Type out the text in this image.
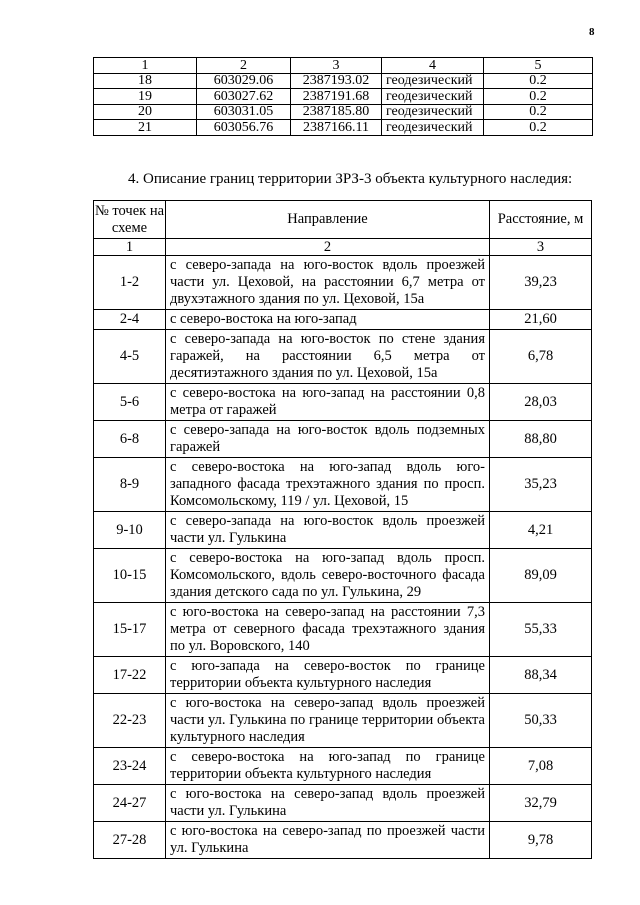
8
1	2	3	4	5
18	603029.06	2387193.02	геодезический	0.2
19	603027.62	2387191.68	геодезический	0.2
20	603031.05	2387185.80	геодезический	0.2
21	603056.76	2387166.11	геодезический	0.2
4. Описание границ территории ЗРЗ-3 объекта культурного наследия:
№ точек на схеме	Направление	Расстояние, м
1	2	3
1-2	с северо-запада на юго-восток вдоль проезжей части ул. Цеховой, на расстоянии 6,7 метра от двухэтажного здания по ул. Цеховой, 15а	39,23
2-4	с северо-востока на юго-запад	21,60
4-5	с северо-запада на юго-восток по стене здания гаражей, на расстоянии 6,5 метра от десятиэтажного здания по ул. Цеховой, 15а	6,78
5-6	с северо-востока на юго-запад на расстоянии 0,8 метра от гаражей	28,03
6-8	с северо-запада на юго-восток вдоль подземных гаражей	88,80
8-9	с северо-востока на юго-запад вдоль юго-западного фасада трехэтажного здания по просп. Комсомольскому, 119 / ул. Цеховой, 15	35,23
9-10	с северо-запада на юго-восток вдоль проезжей части ул. Гулькина	4,21
10-15	с северо-востока на юго-запад вдоль просп. Комсомольского, вдоль северо-восточного фасада здания детского сада по ул. Гулькина, 29	89,09
15-17	с юго-востока на северо-запад на расстоянии 7,3 метра от северного фасада трехэтажного здания по ул. Воровского, 140	55,33
17-22	с юго-запада на северо-восток по границе территории объекта культурного наследия	88,34
22-23	с юго-востока на северо-запад вдоль проезжей части ул. Гулькина по границе территории объекта культурного наследия	50,33
23-24	с северо-востока на юго-запад по границе территории объекта культурного наследия	7,08
24-27	с юго-востока на северо-запад вдоль проезжей части ул. Гулькина	32,79
27-28	с юго-востока на северо-запад по проезжей части ул. Гулькина	9,78
